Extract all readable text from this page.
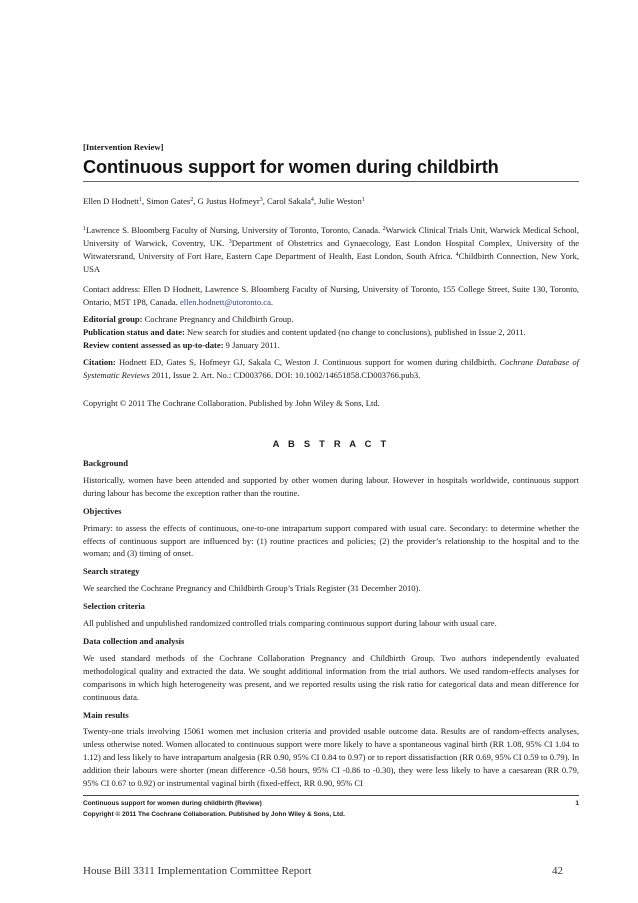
[Intervention Review]
Continuous support for women during childbirth
Ellen D Hodnett$^1$, Simon Gates$^2$, G Justus Hofmeyr$^3$, Carol Sakala$^4$, Julie Weston$^1$
$^1$Lawrence S. Bloomberg Faculty of Nursing, University of Toronto, Toronto, Canada. $^2$Warwick Clinical Trials Unit, Warwick Medical School, University of Warwick, Coventry, UK. $^3$Department of Obstetrics and Gynaecology, East London Hospital Complex, University of the Witwatersrand, University of Fort Hare, Eastern Cape Department of Health, East London, South Africa. $^4$Childbirth Connection, New York, USA
Contact address: Ellen D Hodnett, Lawrence S. Bloomberg Faculty of Nursing, University of Toronto, 155 College Street, Suite 130, Toronto, Ontario, M5T 1P8, Canada. ellen.hodnett@utoronto.ca.
Editorial group: Cochrane Pregnancy and Childbirth Group.
Publication status and date: New search for studies and content updated (no change to conclusions), published in Issue 2, 2011.
Review content assessed as up-to-date: 9 January 2011.
Citation: Hodnett ED, Gates S, Hofmeyr GJ, Sakala C, Weston J. Continuous support for women during childbirth. Cochrane Database of Systematic Reviews 2011, Issue 2. Art. No.: CD003766. DOI: 10.1002/14651858.CD003766.pub3.
Copyright © 2011 The Cochrane Collaboration. Published by John Wiley & Sons, Ltd.
A B S T R A C T
Background

Historically, women have been attended and supported by other women during labour. However in hospitals worldwide, continuous support during labour has become the exception rather than the routine.

Objectives

Primary: to assess the effects of continuous, one-to-one intrapartum support compared with usual care. Secondary: to determine whether the effects of continuous support are influenced by: (1) routine practices and policies; (2) the provider’s relationship to the hospital and to the woman; and (3) timing of onset.

Search strategy

We searched the Cochrane Pregnancy and Childbirth Group’s Trials Register (31 December 2010).

Selection criteria

All published and unpublished randomized controlled trials comparing continuous support during labour with usual care.

Data collection and analysis

We used standard methods of the Cochrane Collaboration Pregnancy and Childbirth Group. Two authors independently evaluated methodological quality and extracted the data. We sought additional information from the trial authors. We used random-effects analyses for comparisons in which high heterogeneity was present, and we reported results using the risk ratio for categorical data and mean difference for continuous data.

Main results

Twenty-one trials involving 15061 women met inclusion criteria and provided usable outcome data. Results are of random-effects analyses, unless otherwise noted. Women allocated to continuous support were more likely to have a spontaneous vaginal birth (RR 1.08, 95% CI 1.04 to 1.12) and less likely to have intrapartum analgesia (RR 0.90, 95% CI 0.84 to 0.97) or to report dissatisfaction (RR 0.69, 95% CI 0.59 to 0.79). In addition their labours were shorter (mean difference -0.58 hours, 95% CI -0.86 to -0.30), they were less likely to have a caesarean (RR 0.79, 95% CI 0.67 to 0.92) or instrumental vaginal birth (fixed-effect, RR 0.90, 95% CI

Continuous support for women during childbirth (Review)	1
Copyright © 2011 The Cochrane Collaboration. Published by John Wiley & Sons, Ltd.
House Bill 3311 Implementation Committee Report	42
